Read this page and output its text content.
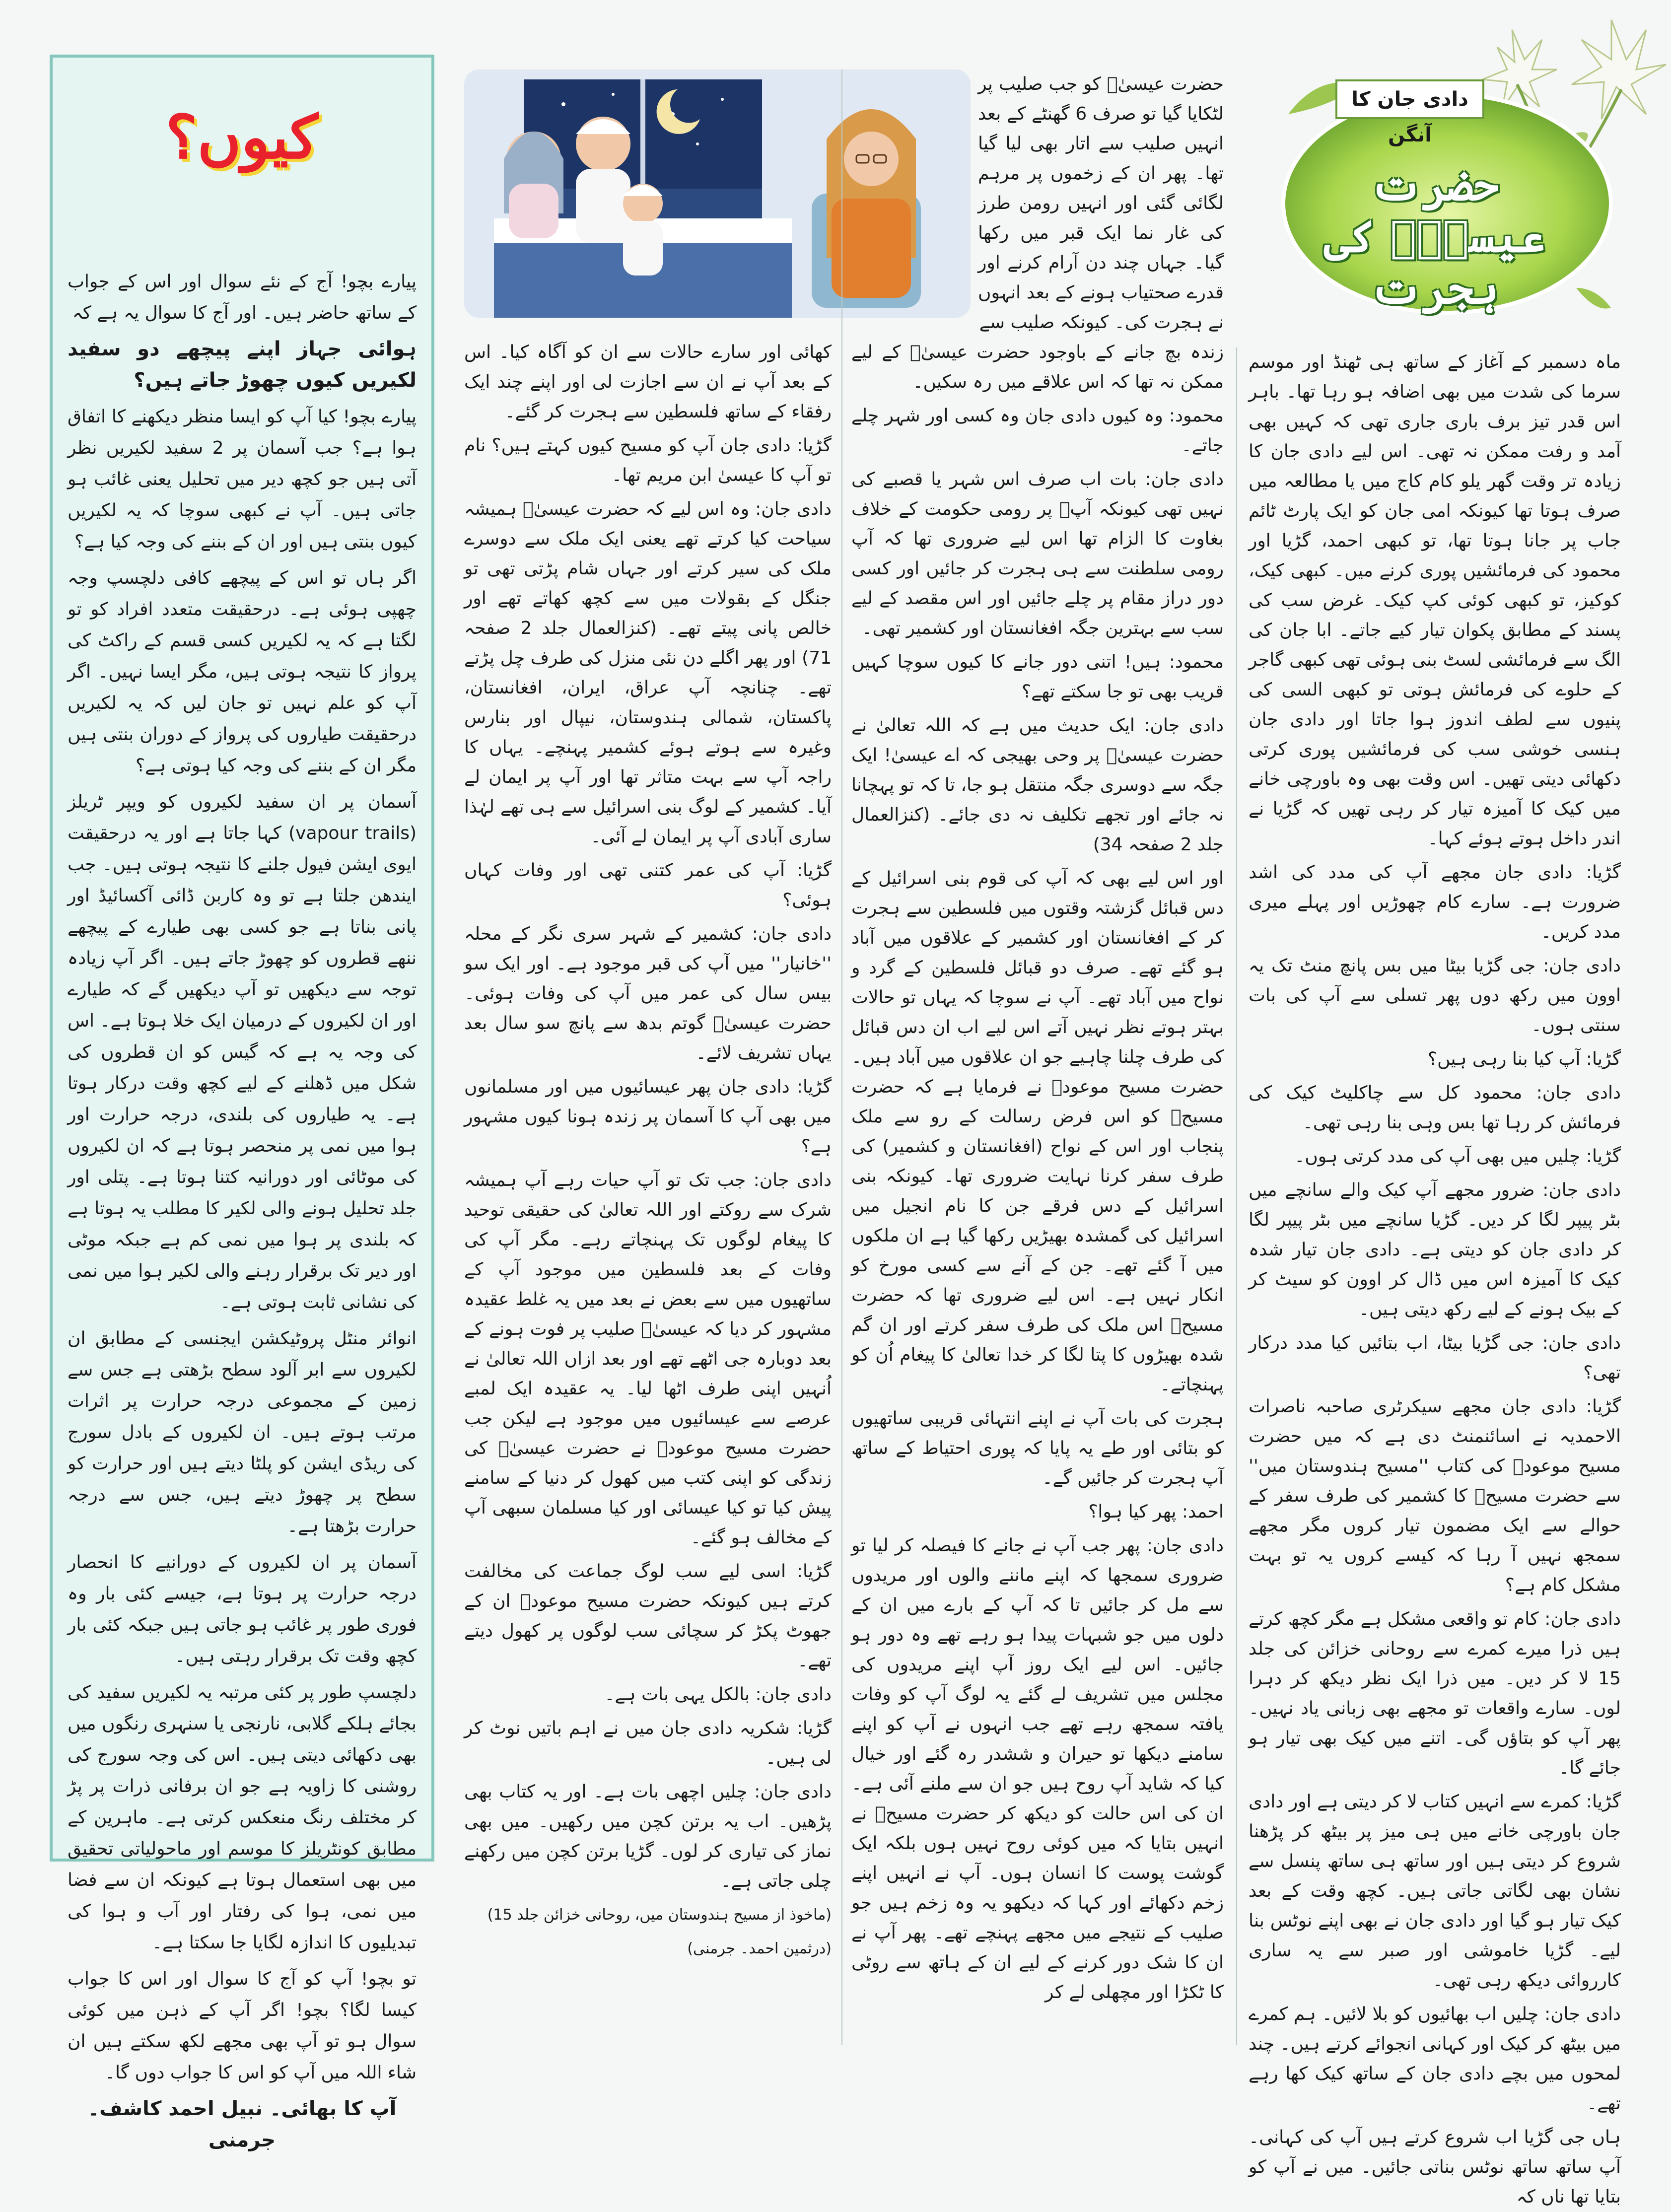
کیوں؟

پیارے بچو! آج کے نئے سوال اور اس کے جواب کے ساتھ حاضر ہیں۔ اور آج کا سوال یہ ہے کہ

ہوائی جہاز اپنے پیچھے دو سفید لکیریں کیوں چھوڑ جاتے ہیں؟

پیارے بچو! کیا آپ کو ایسا منظر دیکھنے کا اتفاق ہوا ہے؟ جب آسمان پر 2 سفید لکیریں نظر آتی ہیں جو کچھ دیر میں تحلیل یعنی غائب ہو جاتی ہیں۔ آپ نے کبھی سوچا کہ یہ لکیریں کیوں بنتی ہیں اور ان کے بننے کی وجہ کیا ہے؟

اگر ہاں تو اس کے پیچھے کافی دلچسپ وجہ چھپی ہوئی ہے۔ درحقیقت متعدد افراد کو تو لگتا ہے کہ یہ لکیریں کسی قسم کے راکٹ کی پرواز کا نتیجہ ہوتی ہیں، مگر ایسا نہیں۔ اگر آپ کو علم نہیں تو جان لیں کہ یہ لکیریں درحقیقت طیاروں کی پرواز کے دوران بنتی ہیں مگر ان کے بننے کی وجہ کیا ہوتی ہے؟

آسمان پر ان سفید لکیروں کو ویپر ٹریلز (vapour trails) کہا جاتا ہے اور یہ درحقیقت ایوی ایشن فیول جلنے کا نتیجہ ہوتی ہیں۔ جب ایندھن جلتا ہے تو وہ کاربن ڈائی آکسائیڈ اور پانی بناتا ہے جو کسی بھی طیارے کے پیچھے ننھے قطروں کو چھوڑ جاتے ہیں۔ اگر آپ زیادہ توجہ سے دیکھیں تو آپ دیکھیں گے کہ طیارے اور ان لکیروں کے درمیان ایک خلا ہوتا ہے۔ اس کی وجہ یہ ہے کہ گیس کو ان قطروں کی شکل میں ڈھلنے کے لیے کچھ وقت درکار ہوتا ہے۔ یہ طیاروں کی بلندی، درجہ حرارت اور ہوا میں نمی پر منحصر ہوتا ہے کہ ان لکیروں کی موٹائی اور دورانیہ کتنا ہوتا ہے۔ پتلی اور جلد تحلیل ہونے والی لکیر کا مطلب یہ ہوتا ہے کہ بلندی پر ہوا میں نمی کم ہے جبکہ موٹی اور دیر تک برقرار رہنے والی لکیر ہوا میں نمی کی نشانی ثابت ہوتی ہے۔

انوائر منٹل پروٹیکشن ایجنسی کے مطابق ان لکیروں سے ابر آلود سطح بڑھتی ہے جس سے زمین کے مجموعی درجہ حرارت پر اثرات مرتب ہوتے ہیں۔ ان لکیروں کے بادل سورج کی ریڈی ایشن کو پلٹا دیتے ہیں اور حرارت کو سطح پر چھوڑ دیتے ہیں، جس سے درجہ حرارت بڑھتا ہے۔

آسمان پر ان لکیروں کے دورانیے کا انحصار درجہ حرارت پر ہوتا ہے، جیسے کئی بار وہ فوری طور پر غائب ہو جاتی ہیں جبکہ کئی بار کچھ وقت تک برقرار رہتی ہیں۔

دلچسپ طور پر کئی مرتبہ یہ لکیریں سفید کی بجائے ہلکے گلابی، نارنجی یا سنہری رنگوں میں بھی دکھائی دیتی ہیں۔ اس کی وجہ سورج کی روشنی کا زاویہ ہے جو ان برفانی ذرات پر پڑ کر مختلف رنگ منعکس کرتی ہے۔ ماہرین کے مطابق کونٹریلز کا موسم اور ماحولیاتی تحقیق میں بھی استعمال ہوتا ہے کیونکہ ان سے فضا میں نمی، ہوا کی رفتار اور آب و ہوا کی تبدیلیوں کا اندازہ لگایا جا سکتا ہے۔

تو بچو! آپ کو آج کا سوال اور اس کا جواب کیسا لگا؟ بچو! اگر آپ کے ذہن میں کوئی سوال ہو تو آپ بھی مجھے لکھ سکتے ہیں ان شاء اللہ میں آپ کو اس کا جواب دوں گا۔

آپ کا بھائی۔ نبیل احمد کاشف۔ جرمنی

دادی جان کا آنگن
حضرت عیسیٰؑ کی ہجرت
حضرت عیسیٰؑ کو جب صلیب پر لٹکایا گیا تو صرف 6 گھنٹے کے بعد انہیں صلیب سے اتار بھی لیا گیا تھا۔ پھر ان کے زخموں پر مرہم لگائی گئی اور انہیں رومن طرز کی غار نما ایک قبر میں رکھا گیا۔ جہاں چند دن آرام کرنے اور قدرے صحتیاب ہونے کے بعد انہوں نے ہجرت کی۔ کیونکہ صلیب سے

ماہ دسمبر کے آغاز کے ساتھ ہی ٹھنڈ اور موسم سرما کی شدت میں بھی اضافہ ہو رہا تھا۔ باہر اس قدر تیز برف باری جاری تھی کہ کہیں بھی آمد و رفت ممکن نہ تھی۔ اس لیے دادی جان کا زیادہ تر وقت گھر یلو کام کاج میں یا مطالعہ میں صرف ہوتا تھا کیونکہ امی جان کو ایک پارٹ ٹائم جاب پر جانا ہوتا تھا، تو کبھی احمد، گڑیا اور محمود کی فرمائشیں پوری کرنے میں۔ کبھی کیک، کوکیز، تو کبھی کوئی کپ کیک۔ غرض سب کی پسند کے مطابق پکوان تیار کیے جاتے۔ ابا جان کی الگ سے فرمائشی لسٹ بنی ہوئی تھی کبھی گاجر کے حلوے کی فرمائش ہوتی تو کبھی السی کی پنیوں سے لطف اندوز ہوا جاتا اور دادی جان ہنسی خوشی سب کی فرمائشیں پوری کرتی دکھائی دیتی تھیں۔ اس وقت بھی وہ باورچی خانے میں کیک کا آمیزہ تیار کر رہی تھیں کہ گڑیا نے اندر داخل ہوتے ہوئے کہا۔

گڑیا: دادی جان مجھے آپ کی مدد کی اشد ضرورت ہے۔ سارے کام چھوڑیں اور پہلے میری مدد کریں۔

دادی جان: جی گڑیا بیٹا میں بس پانچ منٹ تک یہ اوون میں رکھ دوں پھر تسلی سے آپ کی بات سنتی ہوں۔

گڑیا: آپ کیا بنا رہی ہیں؟

دادی جان: محمود کل سے چاکلیٹ کیک کی فرمائش کر رہا تھا بس وہی بنا رہی تھی۔

گڑیا: چلیں میں بھی آپ کی مدد کرتی ہوں۔

دادی جان: ضرور مجھے آپ کیک والے سانچے میں بٹر پیپر لگا کر دیں۔ گڑیا سانچے میں بٹر پیپر لگا کر دادی جان کو دیتی ہے۔ دادی جان تیار شدہ کیک کا آمیزہ اس میں ڈال کر اوون کو سیٹ کر کے بیک ہونے کے لیے رکھ دیتی ہیں۔

دادی جان: جی گڑیا بیٹا، اب بتائیں کیا مدد درکار تھی؟

گڑیا: دادی جان مجھے سیکرٹری صاحبہ ناصرات الاحمدیہ نے اسائنمنٹ دی ہے کہ میں حضرت مسیح موعودؑ کی کتاب ''مسیح ہندوستان میں'' سے حضرت مسیحؑ کا کشمیر کی طرف سفر کے حوالے سے ایک مضمون تیار کروں مگر مجھے سمجھ نہیں آ رہا کہ کیسے کروں یہ تو بہت مشکل کام ہے؟

دادی جان: کام تو واقعی مشکل ہے مگر کچھ کرتے ہیں ذرا میرے کمرے سے روحانی خزائن کی جلد 15 لا کر دیں۔ میں ذرا ایک نظر دیکھ کر دہرا لوں۔ سارے واقعات تو مجھے بھی زبانی یاد نہیں۔ پھر آپ کو بتاؤں گی۔ اتنے میں کیک بھی تیار ہو جائے گا۔

گڑیا: کمرے سے انہیں کتاب لا کر دیتی ہے اور دادی جان باورچی خانے میں ہی میز پر بیٹھ کر پڑھنا شروع کر دیتی ہیں اور ساتھ ہی ساتھ پنسل سے نشان بھی لگاتی جاتی ہیں۔ کچھ وقت کے بعد کیک تیار ہو گیا اور دادی جان نے بھی اپنے نوٹس بنا لیے۔ گڑیا خاموشی اور صبر سے یہ ساری کارروائی دیکھ رہی تھی۔

دادی جان: چلیں اب بھائیوں کو بلا لائیں۔ ہم کمرے میں بیٹھ کر کیک اور کہانی انجوائے کرتے ہیں۔ چند لمحوں میں بچے دادی جان کے ساتھ کیک کھا رہے تھے۔

ہاں جی گڑیا اب شروع کرتے ہیں آپ کی کہانی۔ آپ ساتھ ساتھ نوٹس بناتی جائیں۔ میں نے آپ کو بتایا تھا ناں کہ

زندہ بچ جانے کے باوجود حضرت عیسیٰؑ کے لیے ممکن نہ تھا کہ اس علاقے میں رہ سکیں۔

محمود: وہ کیوں دادی جان وہ کسی اور شہر چلے جاتے۔

دادی جان: بات اب صرف اس شہر یا قصبے کی نہیں تھی کیونکہ آپؑ پر رومی حکومت کے خلاف بغاوت کا الزام تھا اس لیے ضروری تھا کہ آپ رومی سلطنت سے ہی ہجرت کر جائیں اور کسی دور دراز مقام پر چلے جائیں اور اس مقصد کے لیے سب سے بہترین جگہ افغانستان اور کشمیر تھی۔

محمود: ہیں! اتنی دور جانے کا کیوں سوچا کہیں قریب بھی تو جا سکتے تھے؟

دادی جان: ایک حدیث میں ہے کہ اللہ تعالیٰ نے حضرت عیسیٰؑ پر وحی بھیجی کہ اے عیسیٰ! ایک جگہ سے دوسری جگہ منتقل ہو جا، تا کہ تو پہچانا نہ جائے اور تجھے تکلیف نہ دی جائے۔ (کنزالعمال جلد 2 صفحہ 34)

اور اس لیے بھی کہ آپ کی قوم بنی اسرائیل کے دس قبائل گزشتہ وقتوں میں فلسطین سے ہجرت کر کے افغانستان اور کشمیر کے علاقوں میں آباد ہو گئے تھے۔ صرف دو قبائل فلسطین کے گرد و نواح میں آباد تھے۔ آپ نے سوچا کہ یہاں تو حالات بہتر ہوتے نظر نہیں آتے اس لیے اب ان دس قبائل کی طرف چلنا چاہیے جو ان علاقوں میں آباد ہیں۔ حضرت مسیح موعودؑ نے فرمایا ہے کہ حضرت مسیحؑ کو اس فرض رسالت کے رو سے ملک پنجاب اور اس کے نواح (افغانستان و کشمیر) کی طرف سفر کرنا نہایت ضروری تھا۔ کیونکہ بنی اسرائیل کے دس فرقے جن کا نام انجیل میں اسرائیل کی گمشدہ بھیڑیں رکھا گیا ہے ان ملکوں میں آ گئے تھے۔ جن کے آنے سے کسی مورخ کو انکار نہیں ہے۔ اس لیے ضروری تھا کہ حضرت مسیحؑ اس ملک کی طرف سفر کرتے اور ان گم شدہ بھیڑوں کا پتا لگا کر خدا تعالیٰ کا پیغام اُن کو پہنچاتے۔

ہجرت کی بات آپ نے اپنے انتہائی قریبی ساتھیوں کو بتائی اور طے یہ پایا کہ پوری احتیاط کے ساتھ آپ ہجرت کر جائیں گے۔

احمد: پھر کیا ہوا؟

دادی جان: پھر جب آپ نے جانے کا فیصلہ کر لیا تو ضروری سمجھا کہ اپنے ماننے والوں اور مریدوں سے مل کر جائیں تا کہ آپ کے بارے میں ان کے دلوں میں جو شبہات پیدا ہو رہے تھے وہ دور ہو جائیں۔ اس لیے ایک روز آپ اپنے مریدوں کی مجلس میں تشریف لے گئے یہ لوگ آپ کو وفات یافتہ سمجھ رہے تھے جب انہوں نے آپ کو اپنے سامنے دیکھا تو حیران و ششدر رہ گئے اور خیال کیا کہ شاید آپ روح ہیں جو ان سے ملنے آئی ہے۔ ان کی اس حالت کو دیکھ کر حضرت مسیحؑ نے انہیں بتایا کہ میں کوئی روح نہیں ہوں بلکہ ایک گوشت پوست کا انسان ہوں۔ آپ نے انہیں اپنے زخم دکھائے اور کہا کہ دیکھو یہ وہ زخم ہیں جو صلیب کے نتیجے میں مجھے پہنچے تھے۔ پھر آپ نے ان کا شک دور کرنے کے لیے ان کے ہاتھ سے روٹی کا ٹکڑا اور مچھلی لے کر

کھائی اور سارے حالات سے ان کو آگاہ کیا۔ اس کے بعد آپ نے ان سے اجازت لی اور اپنے چند ایک رفقاء کے ساتھ فلسطین سے ہجرت کر گئے۔

گڑیا: دادی جان آپ کو مسیح کیوں کہتے ہیں؟ نام تو آپ کا عیسیٰ ابن مریم تھا۔

دادی جان: وہ اس لیے کہ حضرت عیسیٰؑ ہمیشہ سیاحت کیا کرتے تھے یعنی ایک ملک سے دوسرے ملک کی سیر کرتے اور جہاں شام پڑتی تھی تو جنگل کے بقولات میں سے کچھ کھاتے تھے اور خالص پانی پیتے تھے۔ (کنزالعمال جلد 2 صفحہ 71) اور پھر اگلے دن نئی منزل کی طرف چل پڑتے تھے۔ چنانچہ آپ عراق، ایران، افغانستان، پاکستان، شمالی ہندوستان، نیپال اور بنارس وغیرہ سے ہوتے ہوئے کشمیر پہنچے۔ یہاں کا راجہ آپ سے بہت متاثر تھا اور آپ پر ایمان لے آیا۔ کشمیر کے لوگ بنی اسرائیل سے ہی تھے لہٰذا ساری آبادی آپ پر ایمان لے آئی۔

گڑیا: آپ کی عمر کتنی تھی اور وفات کہاں ہوئی؟

دادی جان: کشمیر کے شہر سری نگر کے محلہ ''خانیار'' میں آپ کی قبر موجود ہے۔ اور ایک سو بیس سال کی عمر میں آپ کی وفات ہوئی۔ حضرت عیسیٰؑ گوتم بدھ سے پانچ سو سال بعد یہاں تشریف لائے۔

گڑیا: دادی جان پھر عیسائیوں میں اور مسلمانوں میں بھی آپ کا آسمان پر زندہ ہونا کیوں مشہور ہے؟

دادی جان: جب تک تو آپ حیات رہے آپ ہمیشہ شرک سے روکتے اور اللہ تعالیٰ کی حقیقی توحید کا پیغام لوگوں تک پہنچاتے رہے۔ مگر آپ کی وفات کے بعد فلسطین میں موجود آپ کے ساتھیوں میں سے بعض نے بعد میں یہ غلط عقیدہ مشہور کر دیا کہ عیسیٰؑ صلیب پر فوت ہونے کے بعد دوبارہ جی اٹھے تھے اور بعد ازاں اللہ تعالیٰ نے اُنہیں اپنی طرف اٹھا لیا۔ یہ عقیدہ ایک لمبے عرصے سے عیسائیوں میں موجود ہے لیکن جب حضرت مسیح موعودؑ نے حضرت عیسیٰؑ کی زندگی کو اپنی کتب میں کھول کر دنیا کے سامنے پیش کیا تو کیا عیسائی اور کیا مسلمان سبھی آپ کے مخالف ہو گئے۔

گڑیا: اسی لیے سب لوگ جماعت کی مخالفت کرتے ہیں کیونکہ حضرت مسیح موعودؑ ان کے جھوٹ پکڑ کر سچائی سب لوگوں پر کھول دیتے تھے۔

دادی جان: بالکل یہی بات ہے۔

گڑیا: شکریہ دادی جان میں نے اہم باتیں نوٹ کر لی ہیں۔

دادی جان: چلیں اچھی بات ہے۔ اور یہ کتاب بھی پڑھیں۔ اب یہ برتن کچن میں رکھیں۔ میں بھی نماز کی تیاری کر لوں۔ گڑیا برتن کچن میں رکھنے چلی جاتی ہے۔

(ماخوذ از مسیح ہندوستان میں، روحانی خزائن جلد 15)

(درثمین احمد۔ جرمنی)
